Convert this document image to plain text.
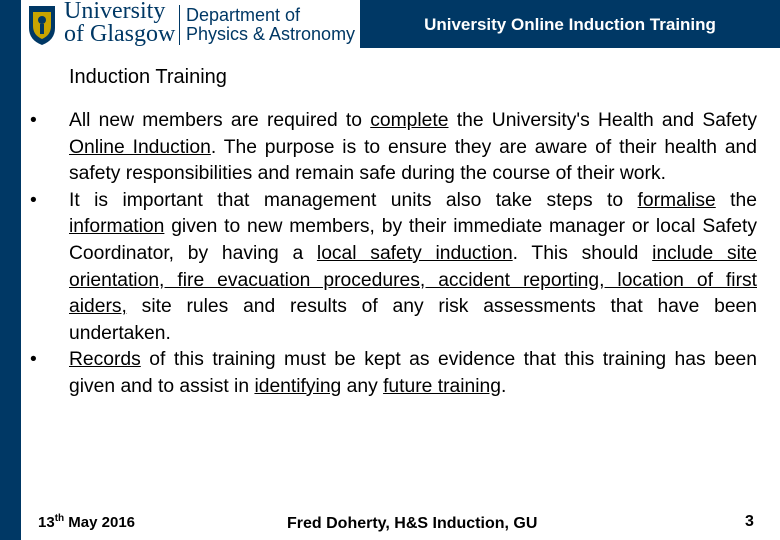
University
of Glasgow
Department of
Physics & Astronomy	University Online Induction Training
Induction Training
• All new members are required to complete the University's Health and Safety Online Induction. The purpose is to ensure they are aware of their health and safety responsibilities and remain safe during the course of their work.
• It is important that management units also take steps to formalise the information given to new members, by their immediate manager or local Safety Coordinator, by having a local safety induction. This should include site orientation, fire evacuation procedures, accident reporting, location of first aiders, site rules and results of any risk assessments that have been undertaken.
• Records of this training must be kept as evidence that this training has been given and to assist in identifying any future training.
13th May 2016	Fred Doherty, H&S Induction, GU	3
